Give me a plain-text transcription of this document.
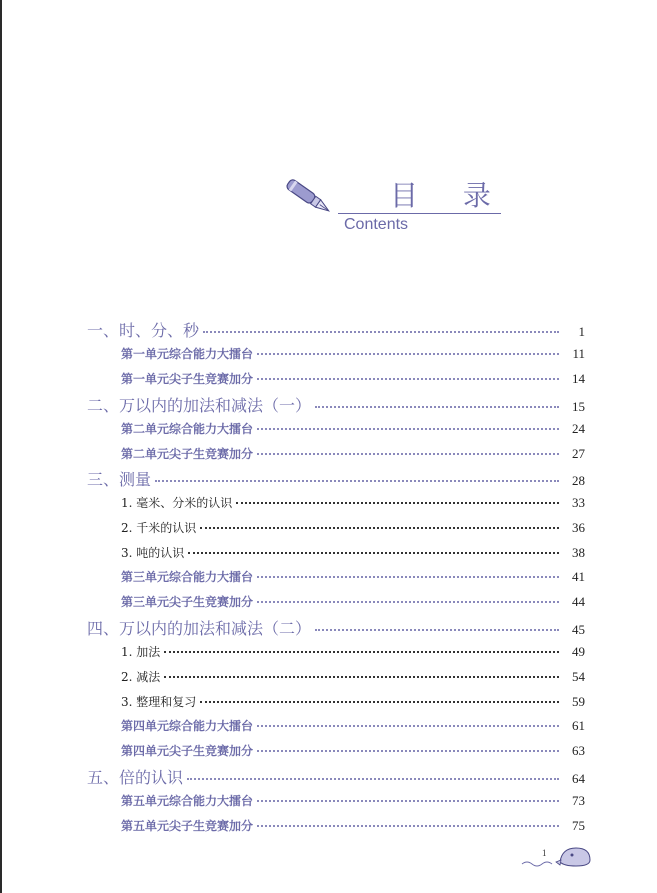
目 录
Contents
一、时、分、秒	1
第一单元综合能力大擂台	11
第一单元尖子生竞赛加分	14
二、万以内的加法和减法（一）	15
第二单元综合能力大擂台	24
第二单元尖子生竞赛加分	27
三、测量	28
1. 毫米、分米的认识	33
2. 千米的认识	36
3. 吨的认识	38
第三单元综合能力大擂台	41
第三单元尖子生竞赛加分	44
四、万以内的加法和减法（二）	45
1. 加法	49
2. 减法	54
3. 整理和复习	59
第四单元综合能力大擂台	61
第四单元尖子生竞赛加分	63
五、倍的认识	64
第五单元综合能力大擂台	73
第五单元尖子生竞赛加分	75
1
